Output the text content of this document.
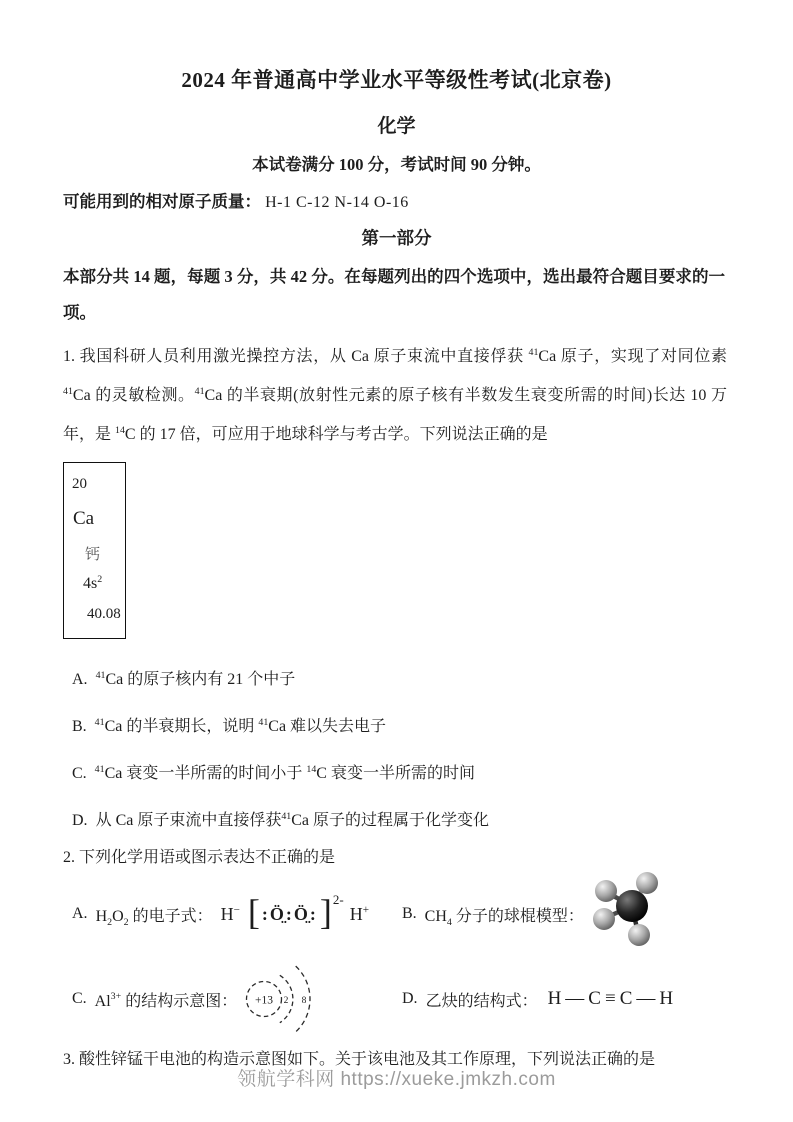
2024 年普通高中学业水平等级性考试(北京卷)
化学
本试卷满分 100 分，考试时间 90 分钟。
可能用到的相对原子质量： H-1 C-12 N-14 O-16
第一部分
本部分共 14 题，每题 3 分，共 42 分。在每题列出的四个选项中，选出最符合题目要求的一项。
1. 我国科研人员利用激光操控方法，从 Ca 原子束流中直接俘获 $^{41}$Ca 原子，实现了对同位素 $^{41}$Ca 的灵敏检测。$^{41}$Ca 的半衰期(放射性元素的原子核有半数发生衰变所需的时间)长达 10 万年，是 $^{14}$C 的 17 倍，可应用于地球科学与考古学。下列说法正确的是
20
Ca
钙
$4s^2$
40.08
A. $^{41}$Ca 的原子核内有 21 个中子
B. $^{41}$Ca 的半衰期长，说明 $^{41}$Ca 难以失去电子
C. $^{41}$Ca 衰变一半所需的时间小于 $^{14}$C 衰变一半所需的时间
D. 从 Ca 原子束流中直接俘获$^{41}$Ca 原子的过程属于化学变化
2. 下列化学用语或图示表达不正确的是
A. $H_2O_2$ 的电子式： H− [ :Ö̤:Ö̤: ] 2-
H+ B. $CH_4$ 分子的球棍模型：
C. $Al^{3+}$ 的结构示意图： +13 2 8	D. 乙炔的结构式： H—C≡C—H
3. 酸性锌锰干电池的构造示意图如下。关于该电池及其工作原理，下列说法正确的是
领航学科网 https://xueke.jmkzh.com
